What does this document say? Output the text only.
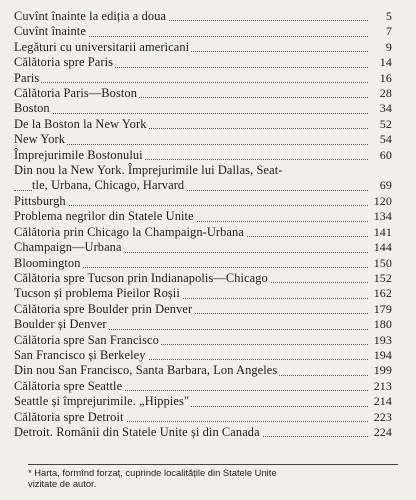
Cuvînt înainte la ediția a doua	5
Cuvînt înainte	7
Legături cu universitarii americani	9
Călătoria spre Paris	14
Paris	16
Călătoria Paris—Boston	28
Boston	34
De la Boston la New York	52
New York	54
Împrejurimile Bostonului	60
Din nou la New York. Împrejurimile lui Dallas, Seat-
tle, Urbana, Chicago, Harvard	69
Pittsburgh	120
Problema negrilor din Statele Unite	134
Călătoria prin Chicago la Champaign-Urbana	141
Champaign—Urbana	144
Bloomington	150
Călătoria spre Tucson prin Indianapolis—Chicago	152
Tucson și problema Pieilor Roșii	162
Călătoria spre Boulder prin Denver	179
Boulder și Denver	180
Călătoria spre San Francisco	193
San Francisco și Berkeley	194
Din nou San Francisco, Santa Barbara, Lon Angeles	199
Călătoria spre Seattle	213
Seattle și împrejurimile. „Hippies"	214
Călătoria spre Detroit	223
Detroit. Românii din Statele Unite și din Canada	224
* Harta, formînd forzaț, cuprinde localitățile din Statele Unite
vizitate de autor.
